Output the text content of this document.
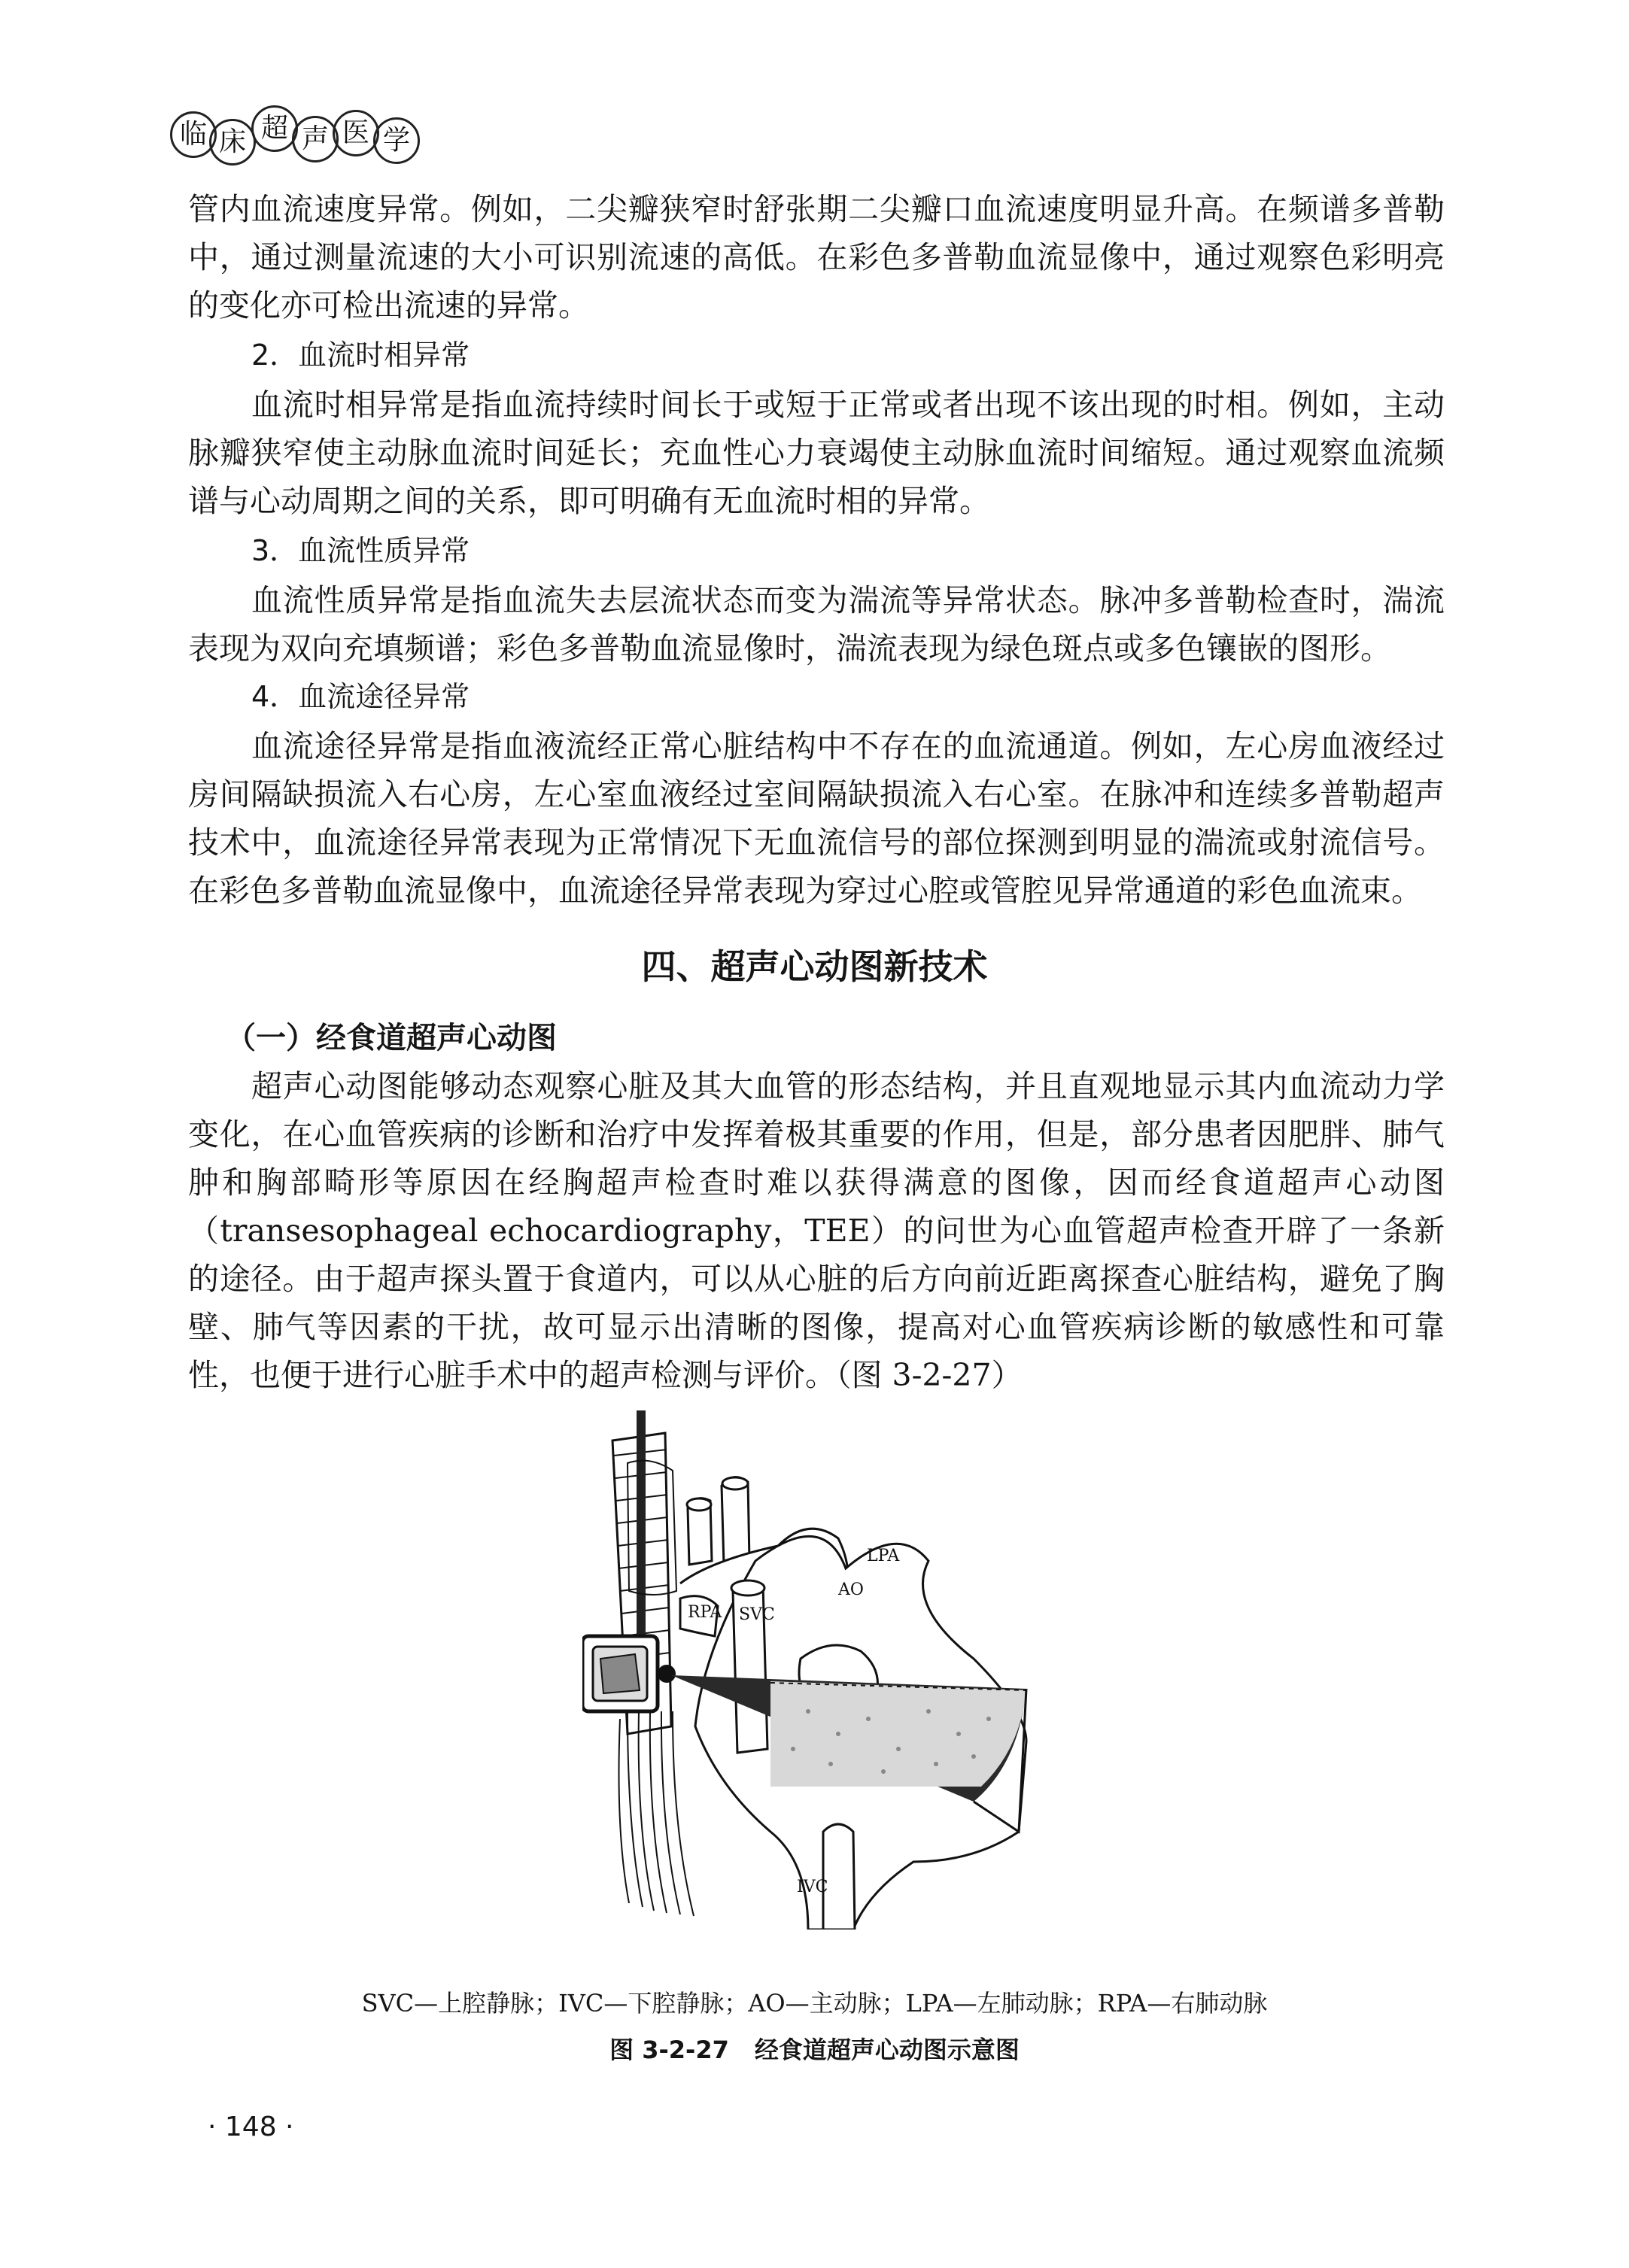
临 床 超 声 医 学

管内血流速度异常。例如，二尖瓣狭窄时舒张期二尖瓣口血流速度明显升高。在频谱多普勒中，通过测量流速的大小可识别流速的高低。在彩色多普勒血流显像中，通过观察色彩明亮的变化亦可检出流速的异常。

2．血流时相异常

血流时相异常是指血流持续时间长于或短于正常或者出现不该出现的时相。例如，主动脉瓣狭窄使主动脉血流时间延长；充血性心力衰竭使主动脉血流时间缩短。通过观察血流频谱与心动周期之间的关系，即可明确有无血流时相的异常。

3．血流性质异常

血流性质异常是指血流失去层流状态而变为湍流等异常状态。脉冲多普勒检查时，湍流表现为双向充填频谱；彩色多普勒血流显像时，湍流表现为绿色斑点或多色镶嵌的图形。

4．血流途径异常

血流途径异常是指血液流经正常心脏结构中不存在的血流通道。例如，左心房血液经过房间隔缺损流入右心房，左心室血液经过室间隔缺损流入右心室。在脉冲和连续多普勒超声技术中，血流途径异常表现为正常情况下无血流信号的部位探测到明显的湍流或射流信号。在彩色多普勒血流显像中，血流途径异常表现为穿过心腔或管腔见异常通道的彩色血流束。

四、超声心动图新技术
（一）经食道超声心动图

超声心动图能够动态观察心脏及其大血管的形态结构，并且直观地显示其内血流动力学变化，在心血管疾病的诊断和治疗中发挥着极其重要的作用，但是，部分患者因肥胖、肺气肿和胸部畸形等原因在经胸超声检查时难以获得满意的图像，因而经食道超声心动图（transesophageal echocardiography，TEE）的问世为心血管超声检查开辟了一条新的途径。由于超声探头置于食道内，可以从心脏的后方向前近距离探查心脏结构，避免了胸壁、肺气等因素的干扰，故可显示出清晰的图像，提高对心血管疾病诊断的敏感性和可靠性，也便于进行心脏手术中的超声检测与评价。（图 3-2-27）

LPA
AO
RPA SVC
IVC

SVC—上腔静脉；IVC—下腔静脉；AO—主动脉；LPA—左肺动脉；RPA—右肺动脉

图 3-2-27 经食道超声心动图示意图

· 148 ·
